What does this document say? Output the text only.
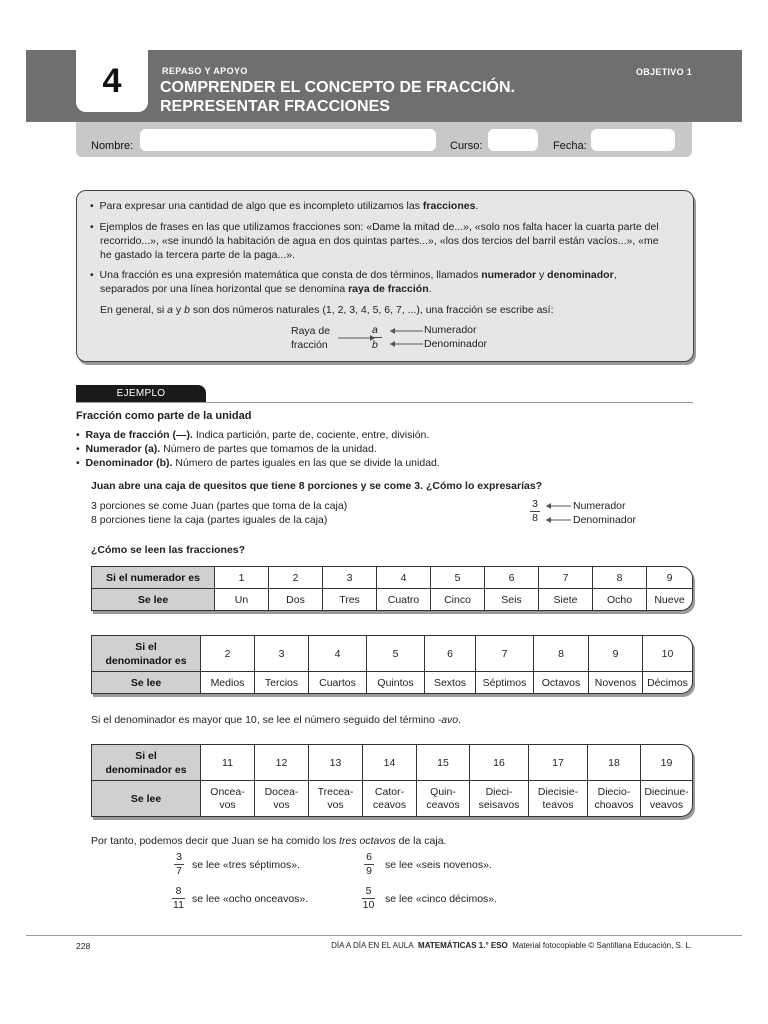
4	REPASO Y APOYO
COMPRENDER EL CONCEPTO DE FRACCIÓN. REPRESENTAR FRACCIONES
OBJETIVO 1
Nombre:	Curso:	Fecha:
• Para expresar una cantidad de algo que es incompleto utilizamos las fracciones.
• Ejemplos de frases en las que utilizamos fracciones son: «Dame la mitad de...», «solo nos falta hacer la cuarta parte del
recorrido...», «se inundó la habitación de agua en dos quintas partes...», «los dos tercios del barril están vacíos...», «me
he gastado la tercera parte de la paga...».
• Una fracción es una expresión matemática que consta de dos términos, llamados numerador y denominador,
separados por una línea horizontal que se denomina raya de fracción.
En general, si a y b son dos números naturales (1, 2, 3, 4, 5, 6, 7, ...), una fracción se escribe así:
Raya de
fracción
a
b
Numerador
Denominador
EJEMPLO
Fracción como parte de la unidad
• Raya de fracción (—). Indica partición, parte de, cociente, entre, división.
• Numerador (a). Número de partes que tomamos de la unidad.
• Denominador (b). Número de partes iguales en las que se divide la unidad.
Juan abre una caja de quesitos que tiene 8 porciones y se come 3. ¿Cómo lo expresarías?
3 porciones se come Juan (partes que toma de la caja)
8 porciones tiene la caja (partes iguales de la caja)
3
8
Numerador
Denominador
¿Cómo se leen las fracciones?
Si el numerador es	1	2	3	4	5	6	7	8	9
Se lee	Un	Dos	Tres	Cuatro	Cinco	Seis	Siete	Ocho	Nueve
Si el
denominador es
2	3	4	5	6	7	8	9	10
Se lee	Medios	Tercios	Cuartos	Quintos	Sextos	Séptimos	Octavos	Novenos	Décimos
Si el denominador es mayor que 10, se lee el número seguido del término -avo.
Si el
denominador es
11	12	13	14	15	16	17	18	19
Se lee
Oncea-
vos
Docea-
vos
Trecea-
vos
Cator-
ceavos
Quin-
ceavos
Dieci-
seisavos
Diecisie-
teavos
Diecio-
choavos
Diecinue-
veavos
Por tanto, podemos decir que Juan se ha comido los tres octavos de la caja.
3
7 se lee «tres séptimos».
6
9 se lee «seis novenos».
8
11 se lee «ocho onceavos».
5
10 se lee «cinco décimos».
228	DÍA A DÍA EN EL AULA MATEMÁTICAS 1.° ESO Material fotocopiable © Santillana Educación, S. L.
